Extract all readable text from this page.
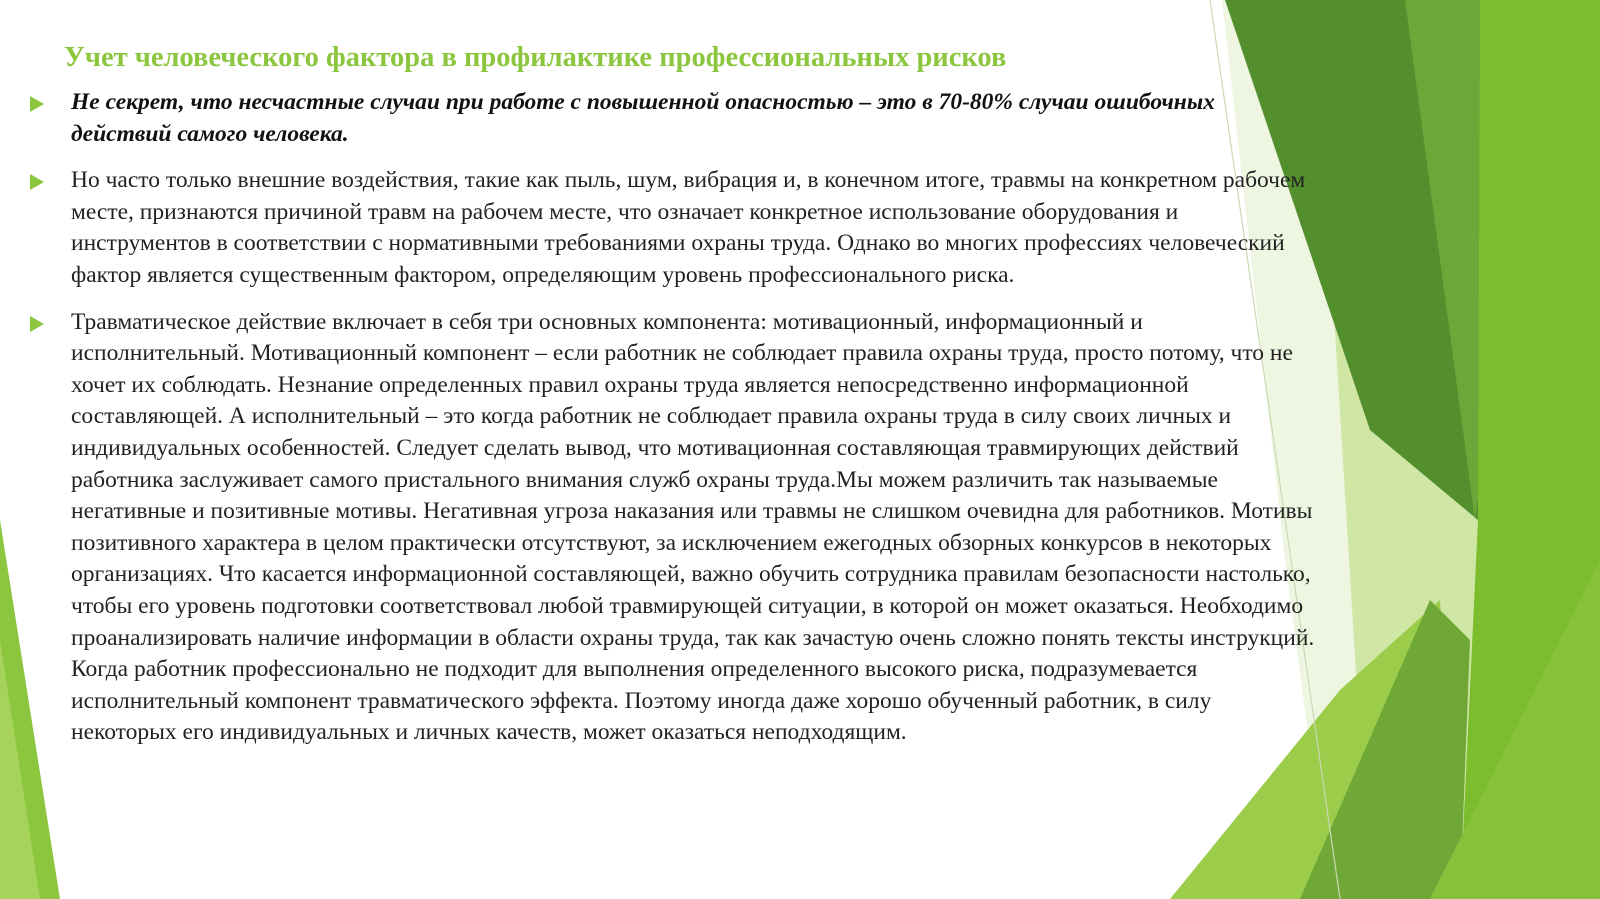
Учет человеческого фактора в профилактике профессиональных рисков

Не секрет, что несчастные случаи при работе с повышенной опасностью – это в 70-80% случаи ошибочных действий самого человека.

Но часто только внешние воздействия, такие как пыль, шум, вибрация и, в конечном итоге, травмы на конкретном рабочем месте, признаются причиной травм на рабочем месте, что означает конкретное использование оборудования и инструментов в соответствии с нормативными требованиями охраны труда. Однако во многих профессиях человеческий фактор является существенным фактором, определяющим уровень профессионального риска.

Травматическое действие включает в себя три основных компонента: мотивационный, информационный и исполнительный. Мотивационный компонент – если работник не соблюдает правила охраны труда, просто потому, что не хочет их соблюдать. Незнание определенных правил охраны труда является непосредственно информационной составляющей. А исполнительный – это когда работник не соблюдает правила охраны труда в силу своих личных и индивидуальных особенностей. Следует сделать вывод, что мотивационная составляющая травмирующих действий работника заслуживает самого пристального внимания служб охраны труда.Мы можем различить так называемые негативные и позитивные мотивы. Негативная угроза наказания или травмы не слишком очевидна для работников. Мотивы позитивного характера в целом практически отсутствуют, за исключением ежегодных обзорных конкурсов в некоторых организациях. Что касается информационной составляющей, важно обучить сотрудника правилам безопасности настолько, чтобы его уровень подготовки соответствовал любой травмирующей ситуации, в которой он может оказаться. Необходимо проанализировать наличие информации в области охраны труда, так как зачастую очень сложно понять тексты инструкций. Когда работник профессионально не подходит для выполнения определенного высокого риска, подразумевается исполнительный компонент травматического эффекта. Поэтому иногда даже хорошо обученный работник, в силу некоторых его индивидуальных и личных качеств, может оказаться неподходящим.
